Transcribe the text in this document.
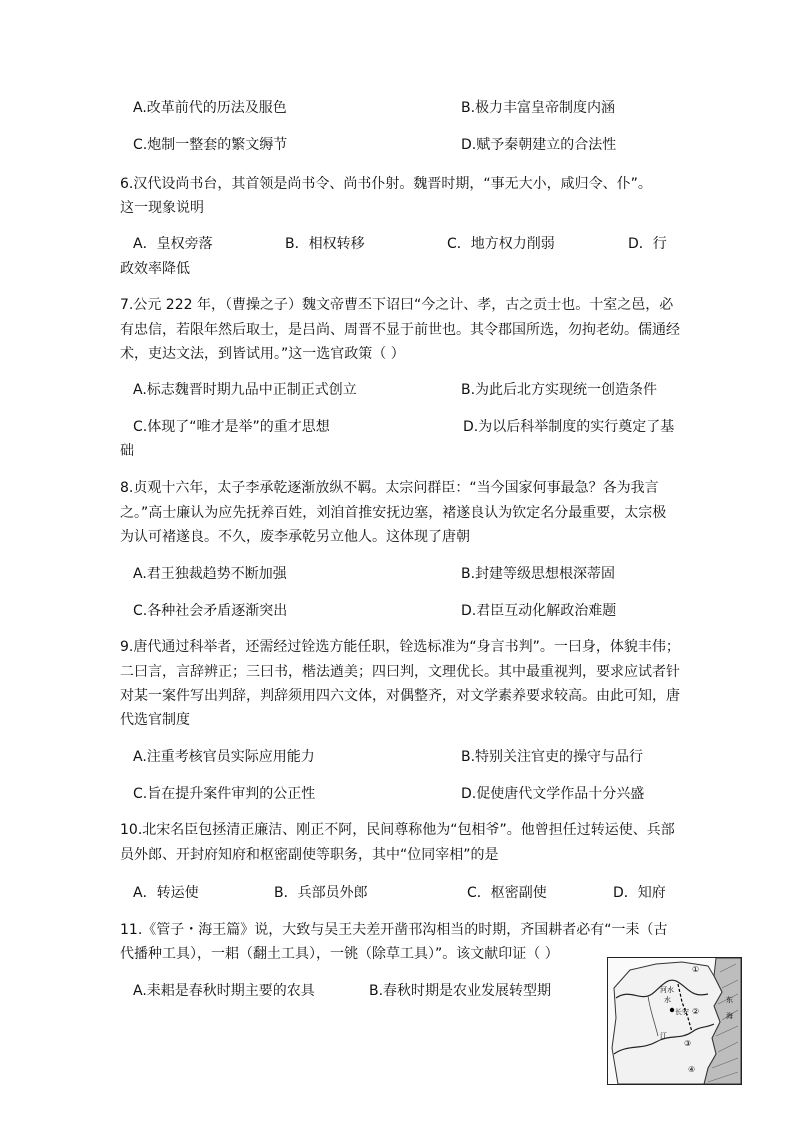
A.改革前代的历法及服色	B.极力丰富皇帝制度内涵
C.炮制一整套的繁文缛节	D.赋予秦朝建立的合法性
6.汉代设尚书台，其首领是尚书令、尚书仆射。魏晋时期，“事无大小，咸归令、仆”。
这一现象说明
A．皇权旁落	B．相权转移	C．地方权力削弱	D．行
政效率降低
7.公元 222 年，（曹操之子）魏文帝曹丕下诏曰“今之计、孝，古之贡士也。十室之邑，必
有忠信，若限年然后取士，是吕尚、周晋不显于前世也。其令郡国所选，勿拘老幼。儒通经
术，吏达文法，到皆试用。”这一选官政策（ ）
A.标志魏晋时期九品中正制正式创立	B.为此后北方实现统一创造条件
C.体现了“唯才是举”的重才思想	D.为以后科举制度的实行奠定了基
础
8.贞观十六年，太子李承乾逐渐放纵不羁。太宗问群臣：“当今国家何事最急？各为我言
之。”高士廉认为应先抚养百姓，刘洎首推安抚边塞，褚遂良认为钦定名分最重要，太宗极
为认可褚遂良。不久，废李承乾另立他人。这体现了唐朝
A.君王独裁趋势不断加强	B.封建等级思想根深蒂固
C.各种社会矛盾逐渐突出	D.君臣互动化解政治难题
9.唐代通过科举者，还需经过铨选方能任职，铨选标准为“身言书判”。一曰身，体貌丰伟；
二曰言，言辞辨正；三曰书，楷法遒美；四曰判，文理优长。其中最重视判，要求应试者针
对某一案件写出判辞，判辞须用四六文体，对偶整齐，对文学素养要求较高。由此可知，唐
代选官制度
A.注重考核官员实际应用能力	B.特别关注官吏的操守与品行
C.旨在提升案件审判的公正性	D.促使唐代文学作品十分兴盛
10.北宋名臣包拯清正廉洁、刚正不阿，民间尊称他为“包相爷”。他曾担任过转运使、兵部
员外郎、开封府知府和枢密副使等职务，其中“位同宰相”的是
A．转运使	B．兵部员外郎	C．枢密副使	D．知府
11.《管子・海王篇》说，大致与吴王夫差开凿邗沟相当的时期，齐国耕者必有“一耒（古
代播种工具），一耜（翻土工具），一铫（除草工具）”。该文献印证（ ）
A.耒耜是春秋时期主要的农具	B.春秋时期是农业发展转型期	河水
长安
江
水	东
海
①
②
③
④
